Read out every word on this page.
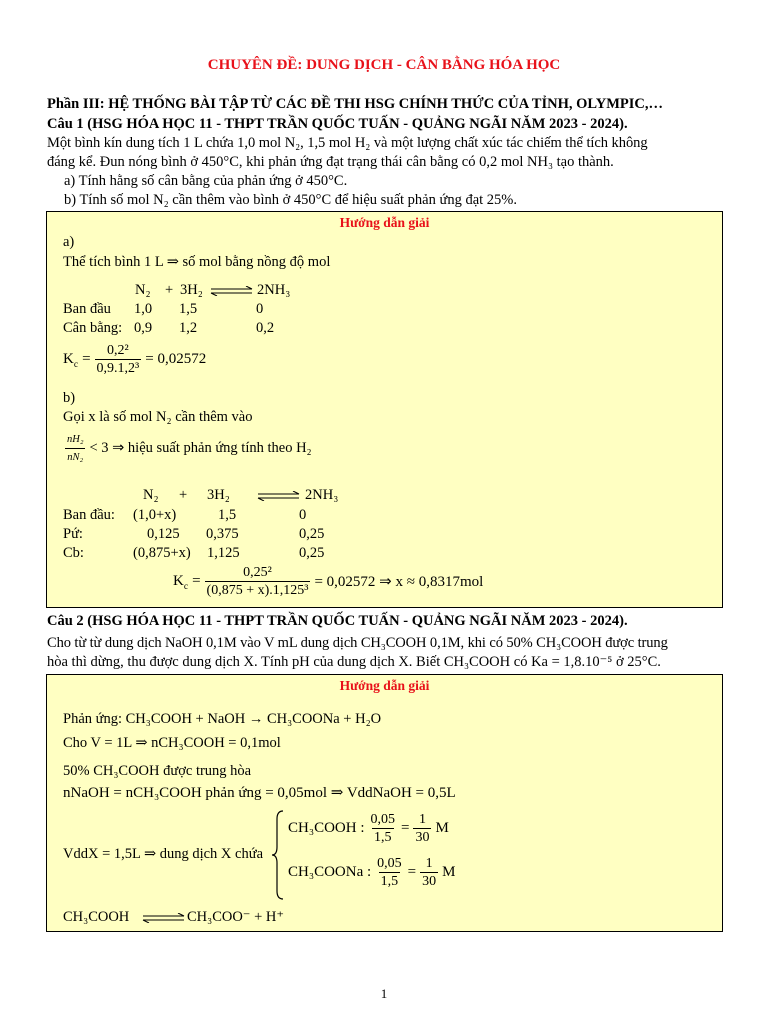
CHUYÊN ĐỀ: DUNG DỊCH - CÂN BẰNG HÓA HỌC
Phần III: HỆ THỐNG BÀI TẬP TỪ CÁC ĐỀ THI HSG CHÍNH THỨC CỦA TỈNH, OLYMPIC,…
Câu 1 (HSG HÓA HỌC 11 - THPT TRẦN QUỐC TUẤN - QUẢNG NGÃI NĂM 2023 - 2024).
Một bình kín dung tích 1 L chứa 1,0 mol N₂, 1,5 mol H₂ và một lượng chất xúc tác chiếm thể tích không
đáng kể. Đun nóng bình ở 450°C, khi phản ứng đạt trạng thái cân bằng có 0,2 mol NH₃ tạo thành.
a) Tính hằng số cân bằng của phản ứng ở 450°C.
b) Tính số mol N₂ cần thêm vào bình ở 450°C để hiệu suất phản ứng đạt 25%.
Hướng dẫn giải
a)
Thể tích bình 1 L ⇒ số mol bằng nồng độ mol
N₂ + 3H₂ ⇌ 2NH₃
Ban đầu 1,0 1,5	0
Cân bằng: 0,9 1,2	0,2
$K_c = \frac{\text{0,2²}}{\text{0,9.1,2³}} = 0,02572$
b)
Gọi x là số mol N₂ cần thêm vào
$\frac{\text{nH₂}}{\text{nN₂}} < 3$ ⇒ hiệu suất phản ứng tính theo H₂
N₂ + 3H₂ ⇌ 2NH₃
Ban đầu: (1,0+x)	1,5	0
Pứ:	0,125 0,375	0,25
Cb:	(0,875+x) 1,125	0,25
$K_c = \frac{\text{0,25²}}{\text{(0,875 + x).1,125³}} = 0,02572$ ⇒ x ≈ 0,8317mol
Câu 2 (HSG HÓA HỌC 11 - THPT TRẦN QUỐC TUẤN - QUẢNG NGÃI NĂM 2023 - 2024).
Cho từ từ dung dịch NaOH 0,1M vào V mL dung dịch CH₃COOH 0,1M, khi có 50% CH₃COOH được trung
hòa thì dừng, thu được dung dịch X. Tính pH của dung dịch X. Biết CH₃COOH có Ka = 1,8.10⁻⁵ ở 25°C.
Hướng dẫn giải
Phản ứng: CH₃COOH + NaOH → CH₃COONa + H₂O
Cho V = 1L ⇒ nCH₃COOH = 0,1mol
50% CH₃COOH được trung hòa
nNaOH = nCH₃COOH phản ứng = 0,05mol ⇒ VddNaOH = 0,5L
VddX = 1,5L ⇒ dung dịch X chứa
CH₃COOH : $\frac{0,05}{1,5} = \frac{1}{30}$ M
CH₃COONa : $\frac{0,05}{1,5} = \frac{1}{30}$ M
CH₃COOH ⇌ CH₃COO⁻ + H⁺
1
